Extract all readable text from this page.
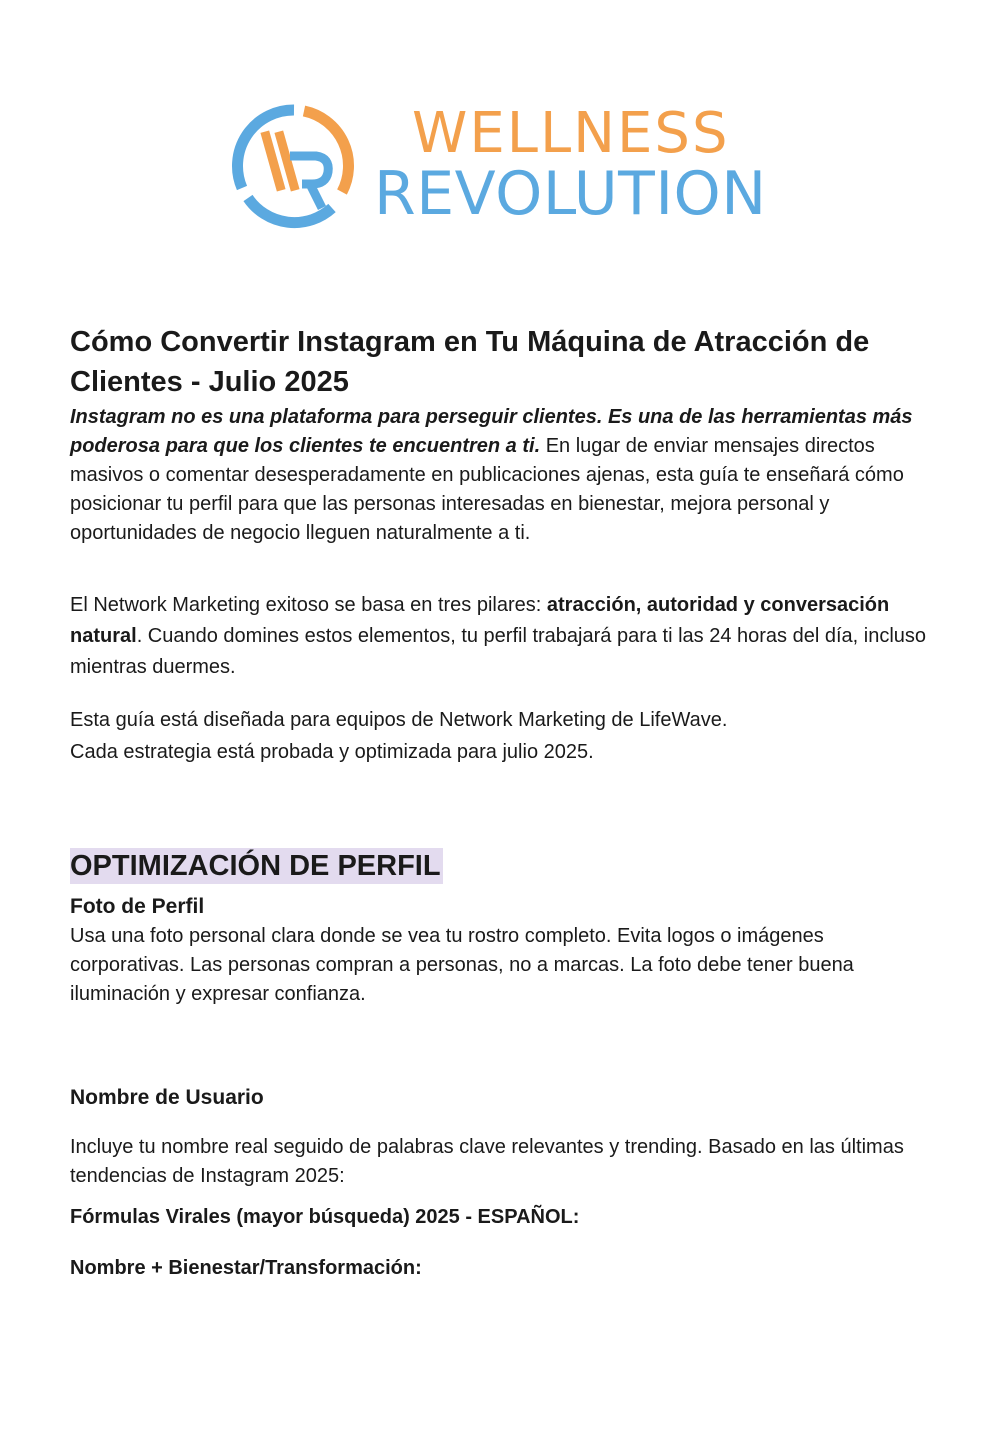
WELLNESS
REVOLUTION
Cómo Convertir Instagram en Tu Máquina de Atracción de Clientes - Julio 2025

Instagram no es una plataforma para perseguir clientes. Es una de las herramientas más poderosa para que los clientes te encuentren a ti. En lugar de enviar mensajes directos masivos o comentar desesperadamente en publicaciones ajenas, esta guía te enseñará cómo posicionar tu perfil para que las personas interesadas en bienestar, mejora personal y oportunidades de negocio lleguen naturalmente a ti.

El Network Marketing exitoso se basa en tres pilares: atracción, autoridad y conversación natural. Cuando domines estos elementos, tu perfil trabajará para ti las 24 horas del día, incluso mientras duermes.

Esta guía está diseñada para equipos de Network Marketing de LifeWave. Cada estrategia está probada y optimizada para julio 2025.

OPTIMIZACIÓN DE PERFIL
Foto de Perfil

Usa una foto personal clara donde se vea tu rostro completo. Evita logos o imágenes corporativas. Las personas compran a personas, no a marcas. La foto debe tener buena iluminación y expresar confianza.

Nombre de Usuario

Incluye tu nombre real seguido de palabras clave relevantes y trending. Basado en las últimas tendencias de Instagram 2025:

Fórmulas Virales (mayor búsqueda) 2025 - ESPAÑOL:
Nombre + Bienestar/Transformación:
